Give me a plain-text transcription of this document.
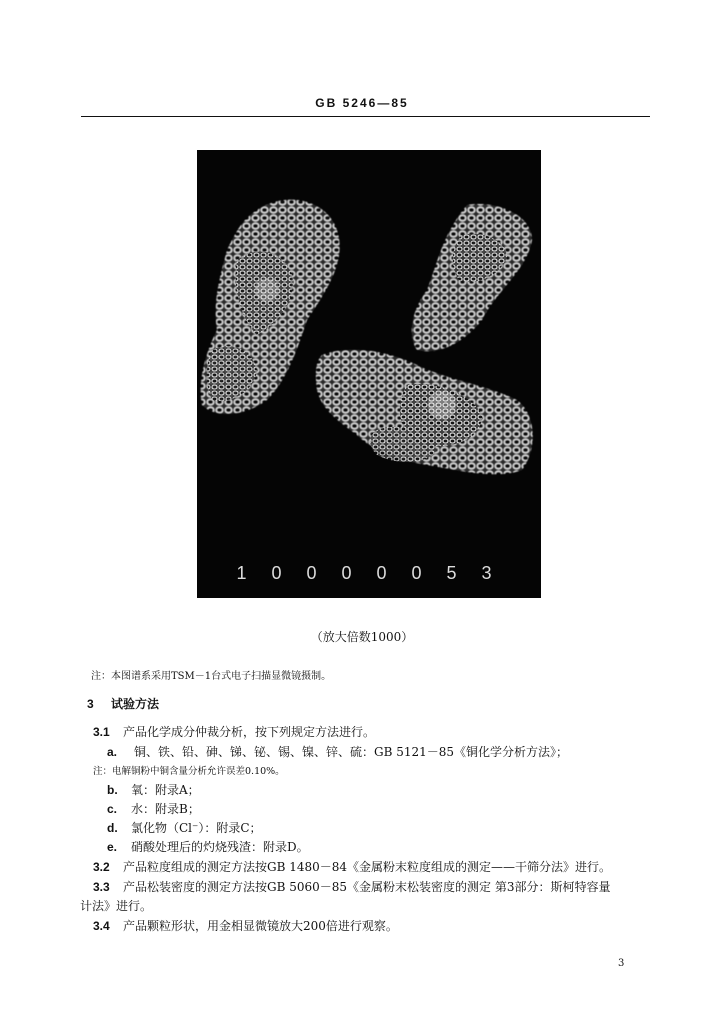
GB 5246—85
1 0 0 0 0 0 5 3
（放大倍数1000）
注：本图谱系采用TSM－1台式电子扫描显微镜摄制。
3 试验方法
3.1 产品化学成分仲裁分析，按下列规定方法进行。
a. 铜、铁、铅、砷、锑、铋、锡、镍、锌、硫：GB 5121－85《铜化学分析方法》；
注：电解铜粉中铜含量分析允许误差0.10%。
b. 氧：附录A；
c. 水：附录B；
d. 氯化物（Cl⁻）：附录C；
e. 硝酸处理后的灼烧残渣：附录D。
3.2 产品粒度组成的测定方法按GB 1480－84《金属粉末粒度组成的测定——干筛分法》进行。
3.3 产品松装密度的测定方法按GB 5060－85《金属粉末松装密度的测定 第3部分：斯柯特容量
计法》进行。
3.4 产品颗粒形状，用金相显微镜放大200倍进行观察。
3
